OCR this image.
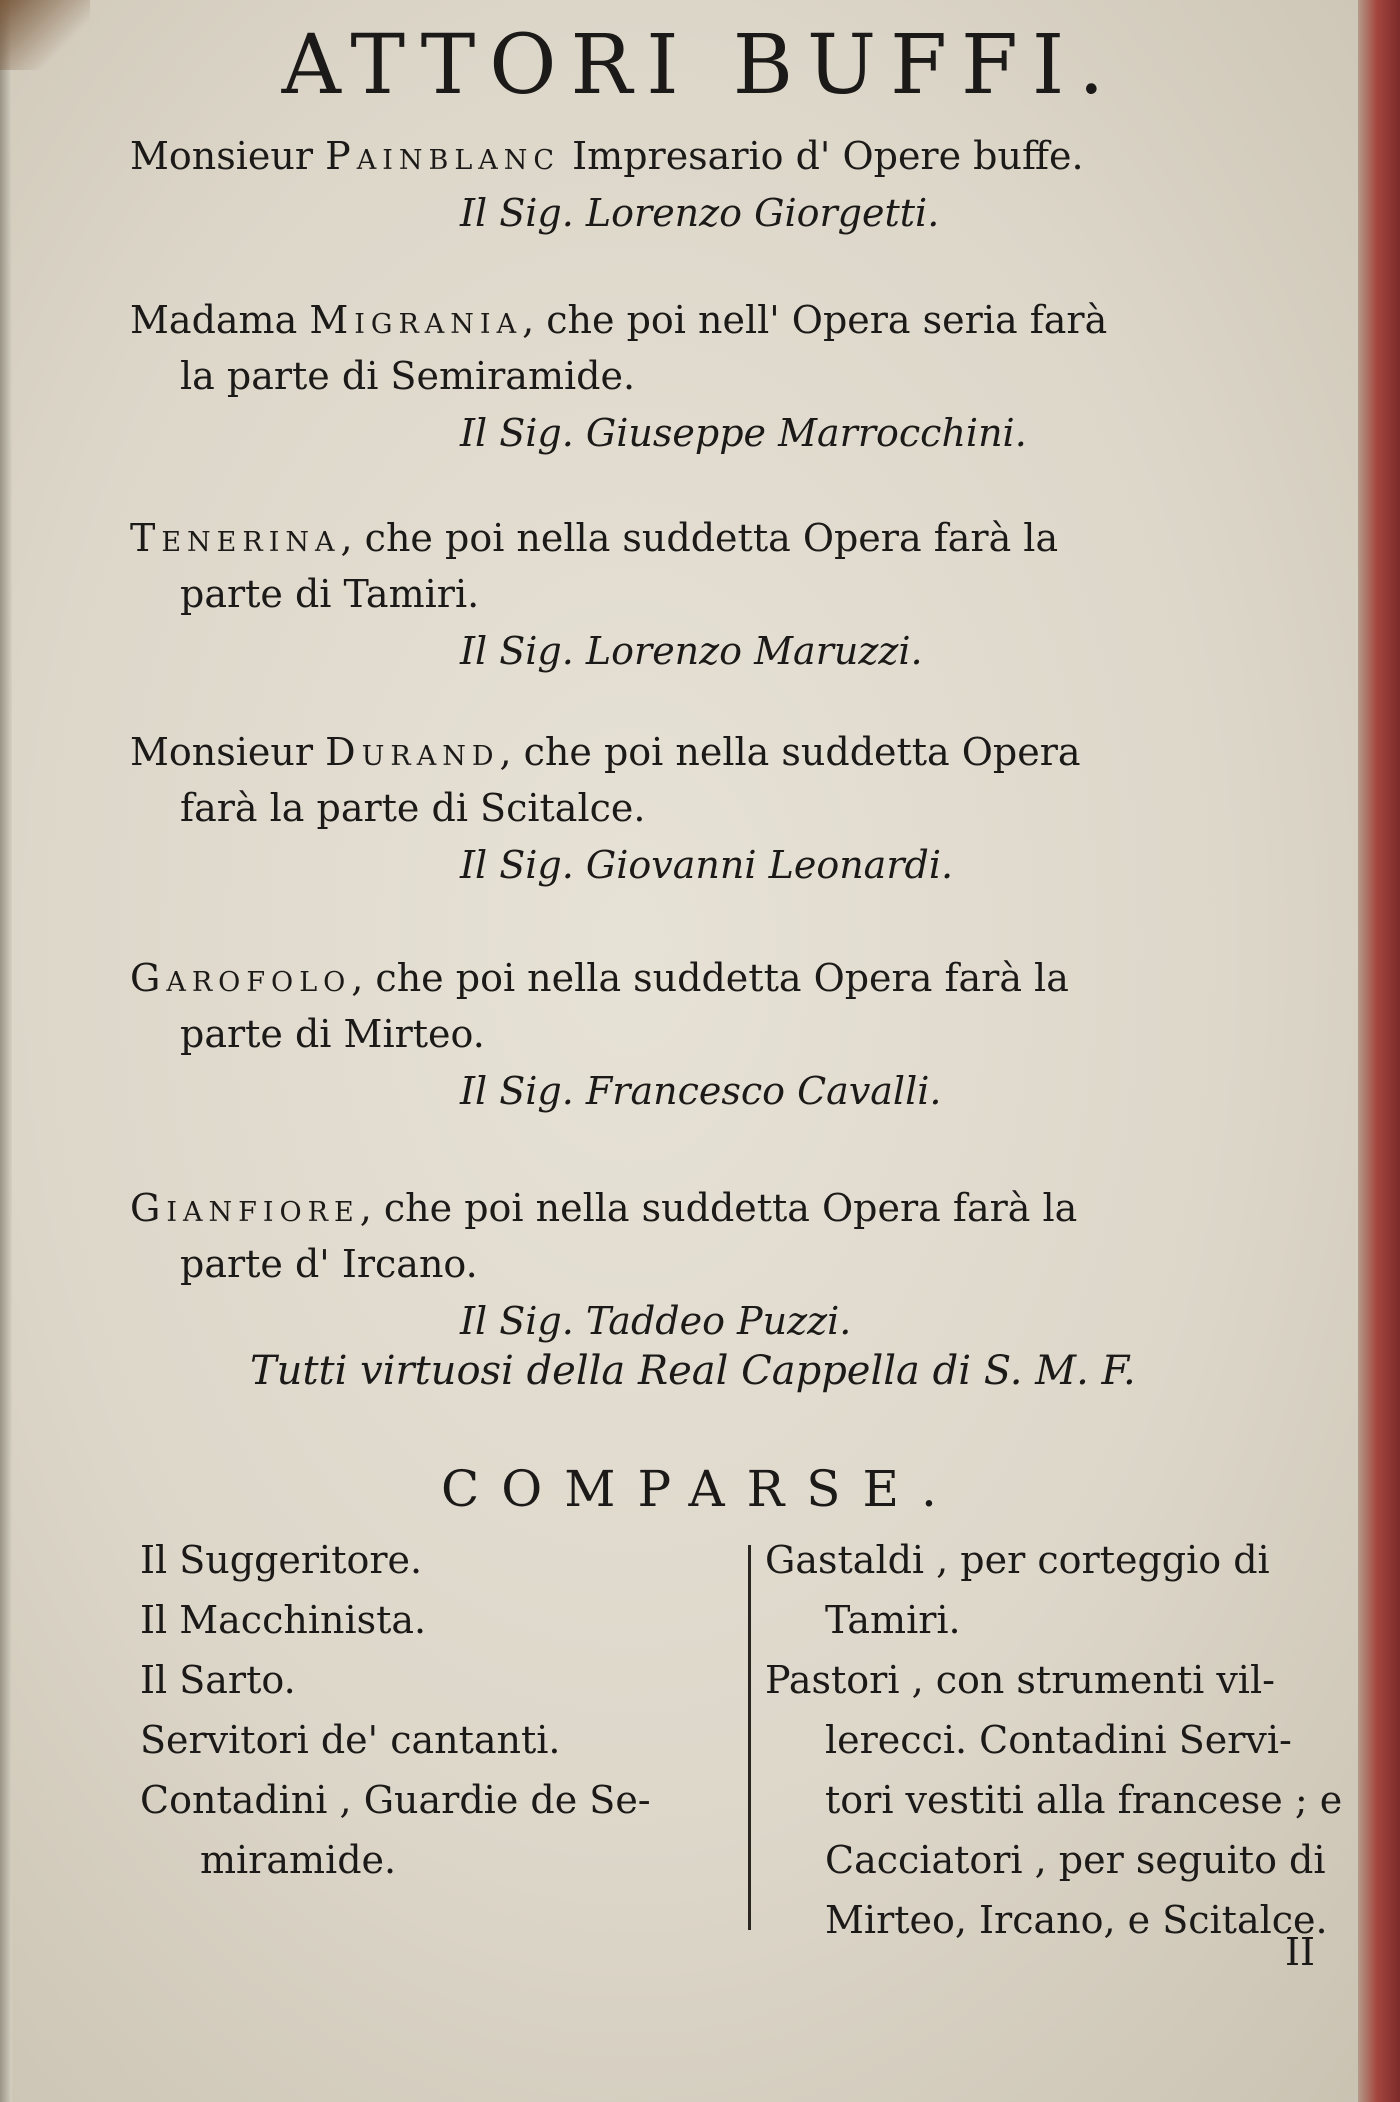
ATTORI BUFFI.
Monsieur Painblanc Impresario d' Opere buffe.
Il Sig. Lorenzo Giorgetti.
Madama Migrania, che poi nell' Opera seria farà
la parte di Semiramide.
Il Sig. Giuseppe Marrocchini.
Tenerina, che poi nella suddetta Opera farà la
parte di Tamiri.
Il Sig. Lorenzo Maruzzi.
Monsieur Durand, che poi nella suddetta Opera
farà la parte di Scitalce.
Il Sig. Giovanni Leonardi.
Garofolo, che poi nella suddetta Opera farà la
parte di Mirteo.
Il Sig. Francesco Cavalli.
Gianfiore, che poi nella suddetta Opera farà la
parte d' Ircano.
Il Sig. Taddeo Puzzi.
Tutti virtuosi della Real Cappella di S. M. F.
COMPARSE.
Il Suggeritore.
Il Macchinista.
Il Sarto.
Servitori de' cantanti.
Contadini , Guardie de Se-
miramide.
Gastaldi , per corteggio di
Tamiri.
Pastori , con strumenti vil-
lerecci. Contadini Servi-
tori vestiti alla francese ; e
Cacciatori , per seguito di
Mirteo, Ircano, e Scitalce.
II
